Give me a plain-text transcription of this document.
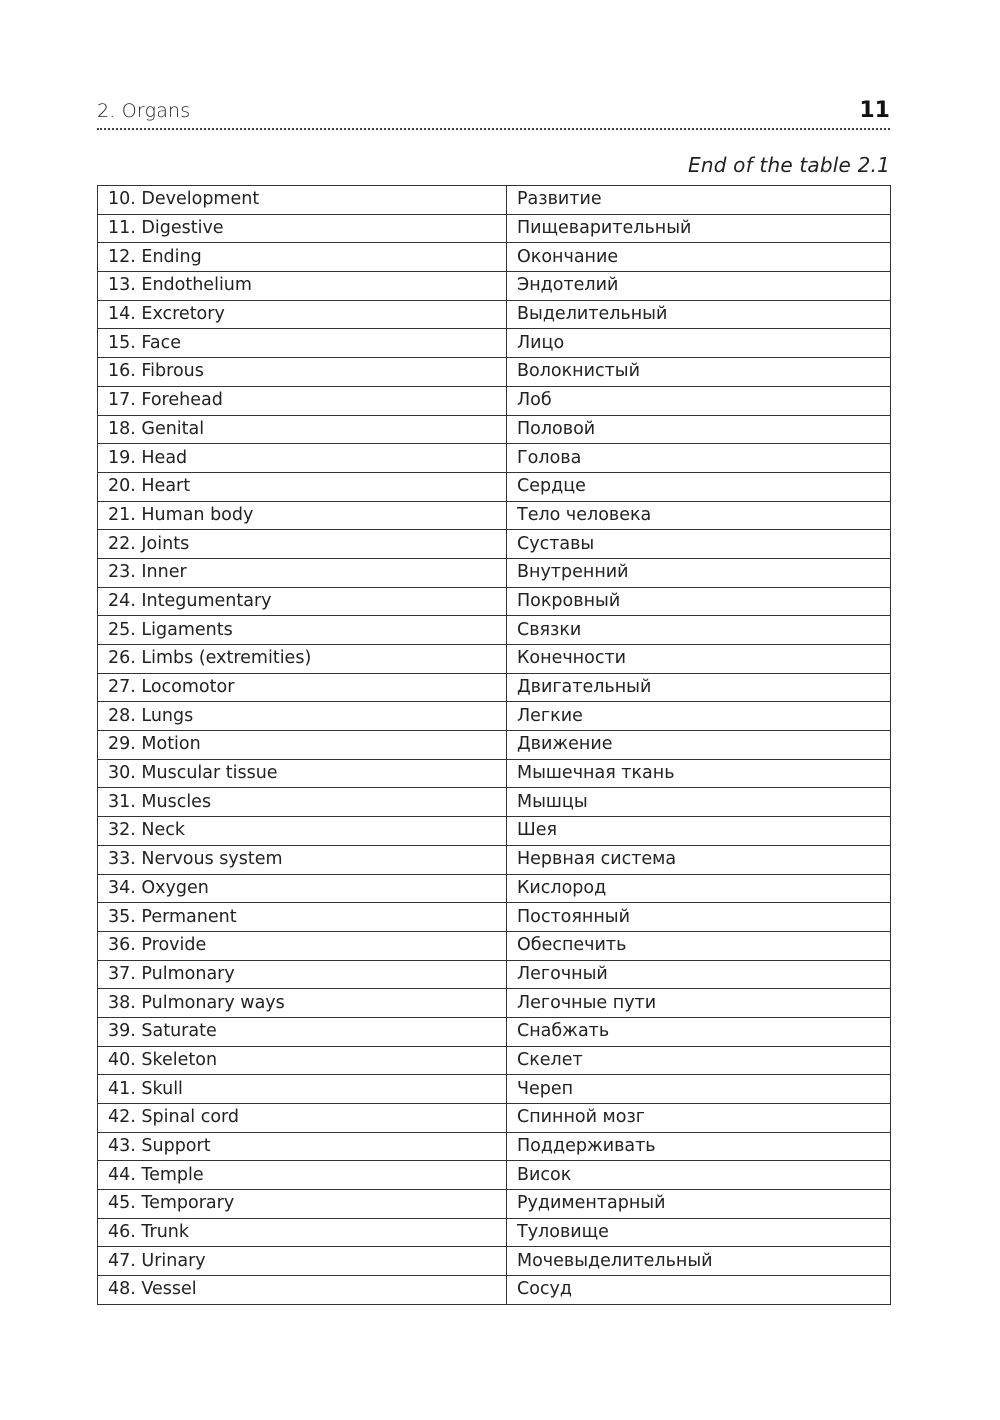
2. Organs	11
End of the table 2.1
10. Development	Развитие
11. Digestive	Пищеварительный
12. Ending	Окончание
13. Endothelium	Эндотелий
14. Excretory	Выделительный
15. Face	Лицо
16. Fibrous	Волокнистый
17. Forehead	Лоб
18. Genital	Половой
19. Head	Голова
20. Heart	Сердце
21. Human body	Тело человека
22. Joints	Суставы
23. Inner	Внутренний
24. Integumentary	Покровный
25. Ligaments	Связки
26. Limbs (extremities)	Конечности
27. Locomotor	Двигательный
28. Lungs	Легкие
29. Motion	Движение
30. Muscular tissue	Мышечная ткань
31. Muscles	Мышцы
32. Neck	Шея
33. Nervous system	Нервная система
34. Oxygen	Кислород
35. Permanent	Постоянный
36. Provide	Обеспечить
37. Pulmonary	Легочный
38. Pulmonary ways	Легочные пути
39. Saturate	Снабжать
40. Skeleton	Скелет
41. Skull	Череп
42. Spinal cord	Спинной мозг
43. Support	Поддерживать
44. Temple	Висок
45. Temporary	Рудиментарный
46. Trunk	Туловище
47. Urinary	Мочевыделительный
48. Vessel	Сосуд
